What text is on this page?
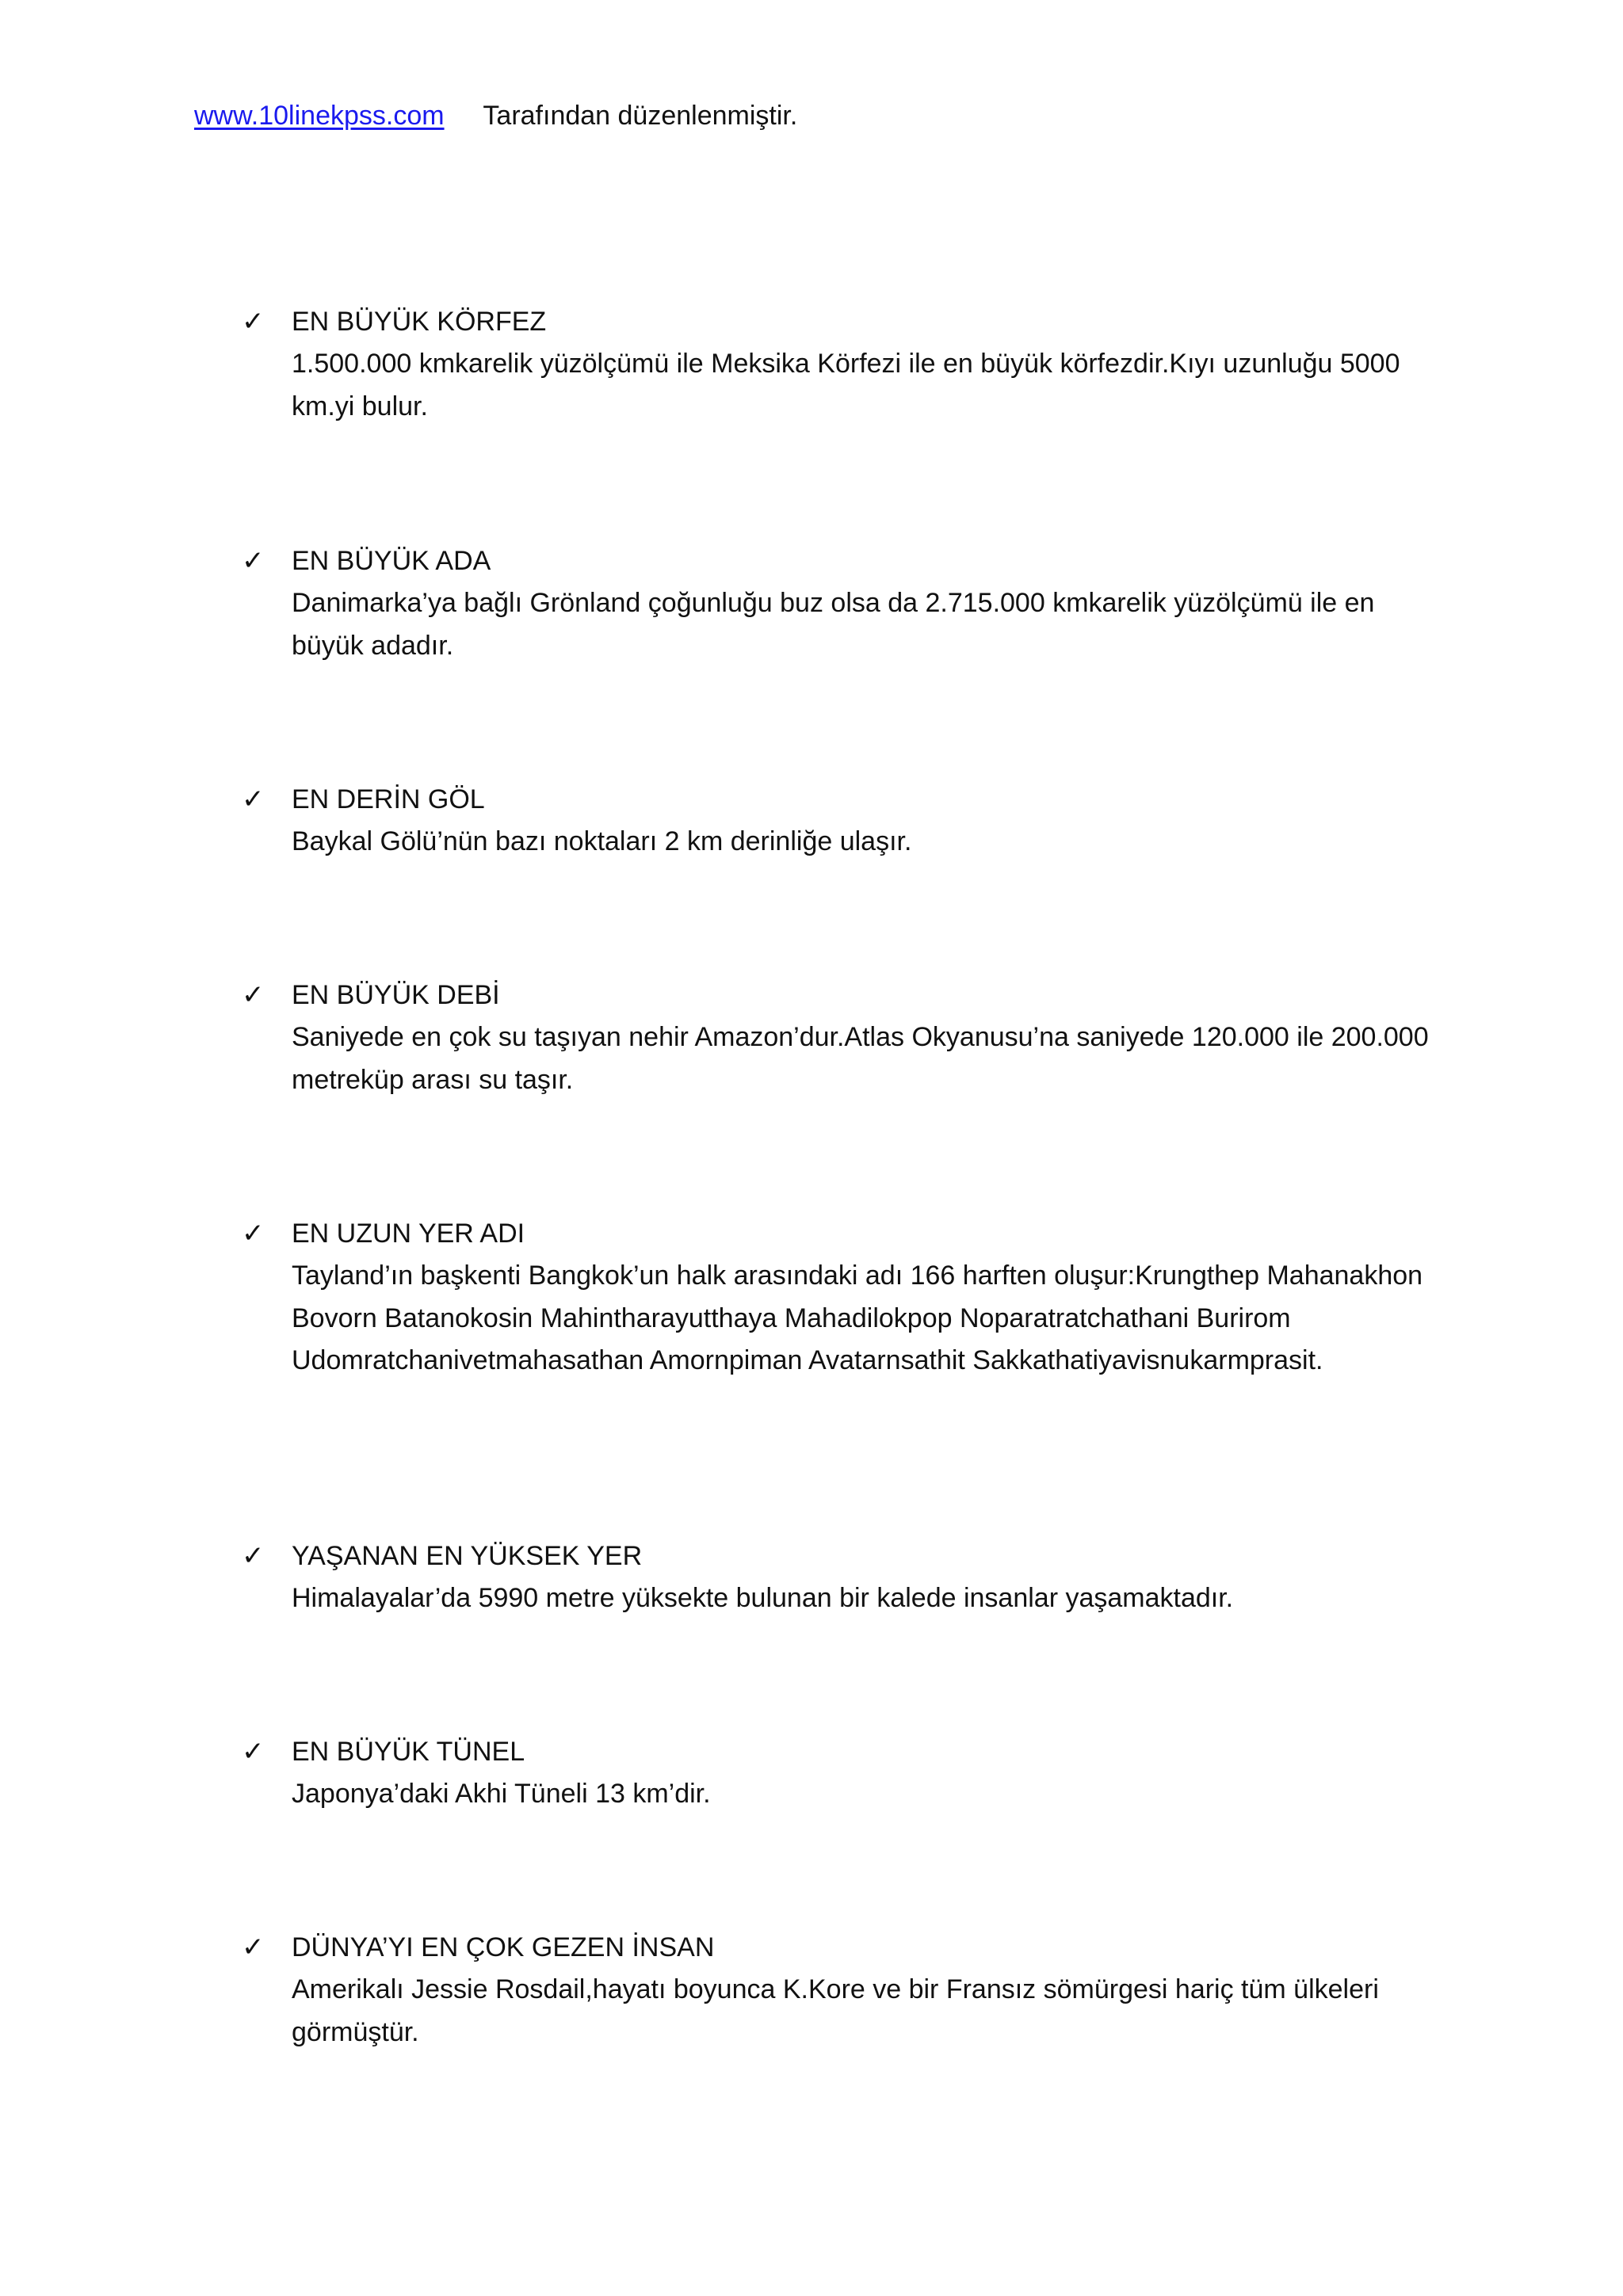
www.10linekpss.com Tarafından düzenlenmiştir.
✓ EN BÜYÜK KÖRFEZ
1.500.000 kmkarelik yüzölçümü ile Meksika Körfezi ile en büyük körfezdir.Kıyı uzunluğu 5000 km.yi bulur.
✓ EN BÜYÜK ADA
Danimarka’ya bağlı Grönland çoğunluğu buz olsa da 2.715.000 kmkarelik yüzölçümü ile en büyük adadır.
✓ EN DERİN GÖL
Baykal Gölü’nün bazı noktaları 2 km derinliğe ulaşır.
✓ EN BÜYÜK DEBİ
Saniyede en çok su taşıyan nehir Amazon’dur.Atlas Okyanusu’na saniyede 120.000 ile 200.000 metreküp arası su taşır.
✓ EN UZUN YER ADI
Tayland’ın başkenti Bangkok’un halk arasındaki adı 166 harften oluşur:Krungthep Mahanakhon Bovorn Batanokosin Mahintharayutthaya Mahadilokpop Noparatratchathani Burirom Udomratchanivetmahasathan Amornpiman Avatarnsathit Sakkathatiyavisnukarmprasit.
✓ YAŞANAN EN YÜKSEK YER
Himalayalar’da 5990 metre yüksekte bulunan bir kalede insanlar yaşamaktadır.
✓ EN BÜYÜK TÜNEL
Japonya’daki Akhi Tüneli 13 km’dir.
✓ DÜNYA’YI EN ÇOK GEZEN İNSAN
Amerikalı Jessie Rosdail,hayatı boyunca K.Kore ve bir Fransız sömürgesi hariç tüm ülkeleri görmüştür.
